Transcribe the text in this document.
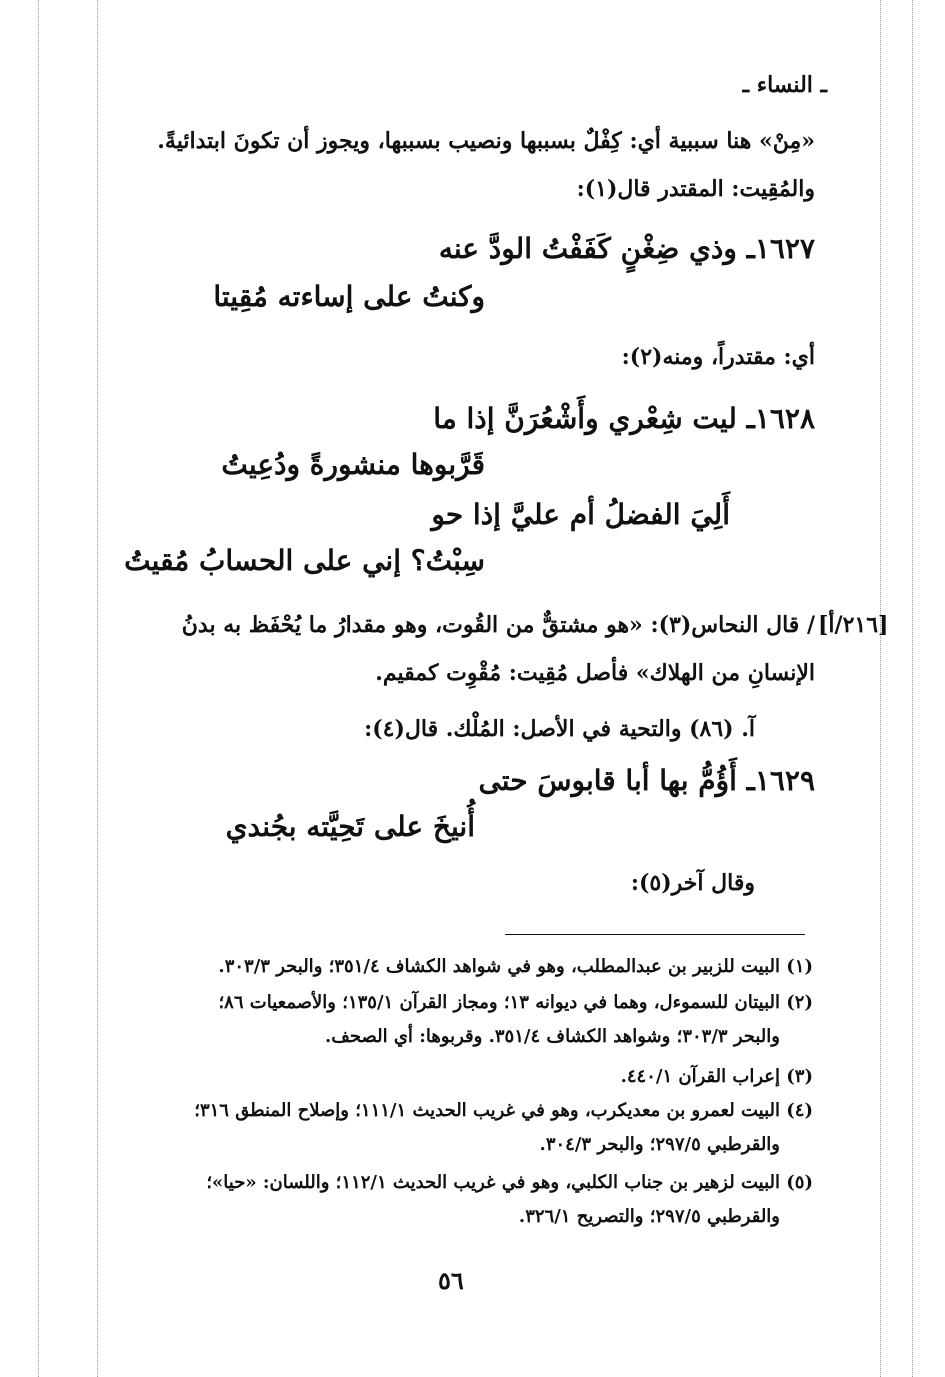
ـ النساء ـ
«مِنْ» هنا سببية أي: كِفْلٌ بسببها ونصيب بسببها، ويجوز أن تكونَ ابتدائيةً.
والمُقِيت: المقتدر قال(١):
١٦٢٧ـ وذي ضِغْنٍ كَفَفْتُ الودَّ عنه
وكنتُ على إساءته مُقِيتا
أي: مقتدراً، ومنه(٢):
١٦٢٨ـ ليت شِعْري وأَشْعُرَنَّ إذا ما
قَرَّبوها منشورةً ودُعِيتُ
أَلِيَ الفضلُ أم عليَّ إذا حو
سِبْتُ؟ إني على الحسابُ مُقيتُ
[٢١٦/أ]
/ قال النحاس(٣): «هو مشتقٌّ من القُوت، وهو مقدارُ ما يُحْفَظ به بدنُ
الإنسانِ من الهلاك» فأصل مُقِيت: مُقْوِت كمقيم.
آ. (٨٦) والتحية في الأصل: المُلْك. قال(٤):
١٦٢٩ـ أَؤُمُّ بها أبا قابوسَ حتى
أُنيخَ على تَحِيَّته بجُندي
وقال آخر(٥):
(١) البيت للزبير بن عبدالمطلب، وهو في شواهد الكشاف ٣٥١/٤؛ والبحر ٣٠٣/٣.
(٢) البيتان للسموءل، وهما في ديوانه ١٣؛ ومجاز القرآن ١٣٥/١؛ والأصمعيات ٨٦؛
والبحر ٣٠٣/٣؛ وشواهد الكشاف ٣٥١/٤. وقربوها: أي الصحف.
(٣) إعراب القرآن ٤٤٠/١.
(٤) البيت لعمرو بن معديكرب، وهو في غريب الحديث ١١١/١؛ وإصلاح المنطق ٣١٦؛
والقرطبي ٢٩٧/٥؛ والبحر ٣٠٤/٣.
(٥) البيت لزهير بن جناب الكلبي، وهو في غريب الحديث ١١٢/١؛ واللسان: «حيا»؛
والقرطبي ٢٩٧/٥؛ والتصريح ٣٢٦/١.
٥٦
